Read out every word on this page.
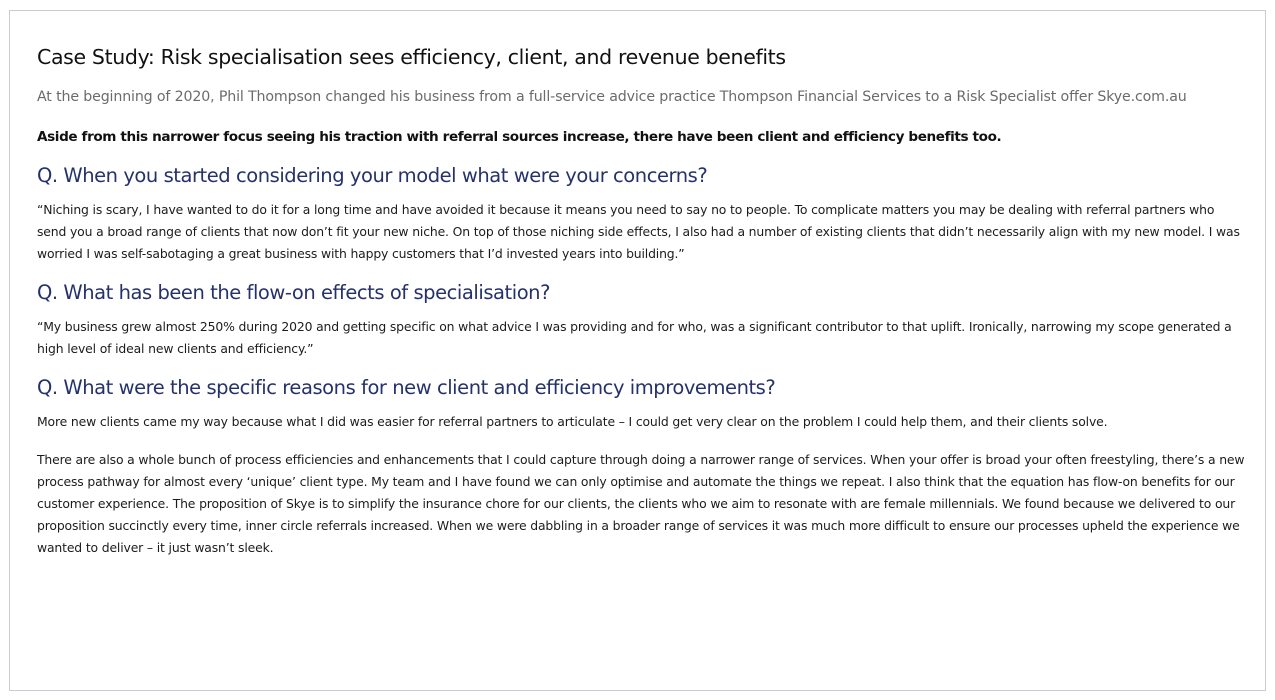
Case Study: Risk specialisation sees efficiency, client, and revenue benefits

At the beginning of 2020, Phil Thompson changed his business from a full-service advice practice Thompson Financial Services to a Risk Specialist offer Skye.com.au

Aside from this narrower focus seeing his traction with referral sources increase, there have been client and efficiency benefits too.

Q. When you started considering your model what were your concerns?

“Niching is scary, I have wanted to do it for a long time and have avoided it because it means you need to say no to people. To complicate matters you may be dealing with referral partners who send you a broad range of clients that now don’t fit your new niche. On top of those niching side effects, I also had a number of existing clients that didn’t necessarily align with my new model. I was worried I was self-sabotaging a great business with happy customers that I’d invested years into building.”

Q. What has been the flow-on effects of specialisation?

“My business grew almost 250% during 2020 and getting specific on what advice I was providing and for who, was a significant contributor to that uplift. Ironically, narrowing my scope generated a high level of ideal new clients and efficiency.”

Q. What were the specific reasons for new client and efficiency improvements?

More new clients came my way because what I did was easier for referral partners to articulate – I could get very clear on the problem I could help them, and their clients solve.

There are also a whole bunch of process efficiencies and enhancements that I could capture through doing a narrower range of services. When your offer is broad your often freestyling, there’s a new process pathway for almost every ‘unique’ client type. My team and I have found we can only optimise and automate the things we repeat. I also think that the equation has flow-on benefits for our customer experience. The proposition of Skye is to simplify the insurance chore for our clients, the clients who we aim to resonate with are female millennials. We found because we delivered to our proposition succinctly every time, inner circle referrals increased. When we were dabbling in a broader range of services it was much more difficult to ensure our processes upheld the experience we wanted to deliver – it just wasn’t sleek.
